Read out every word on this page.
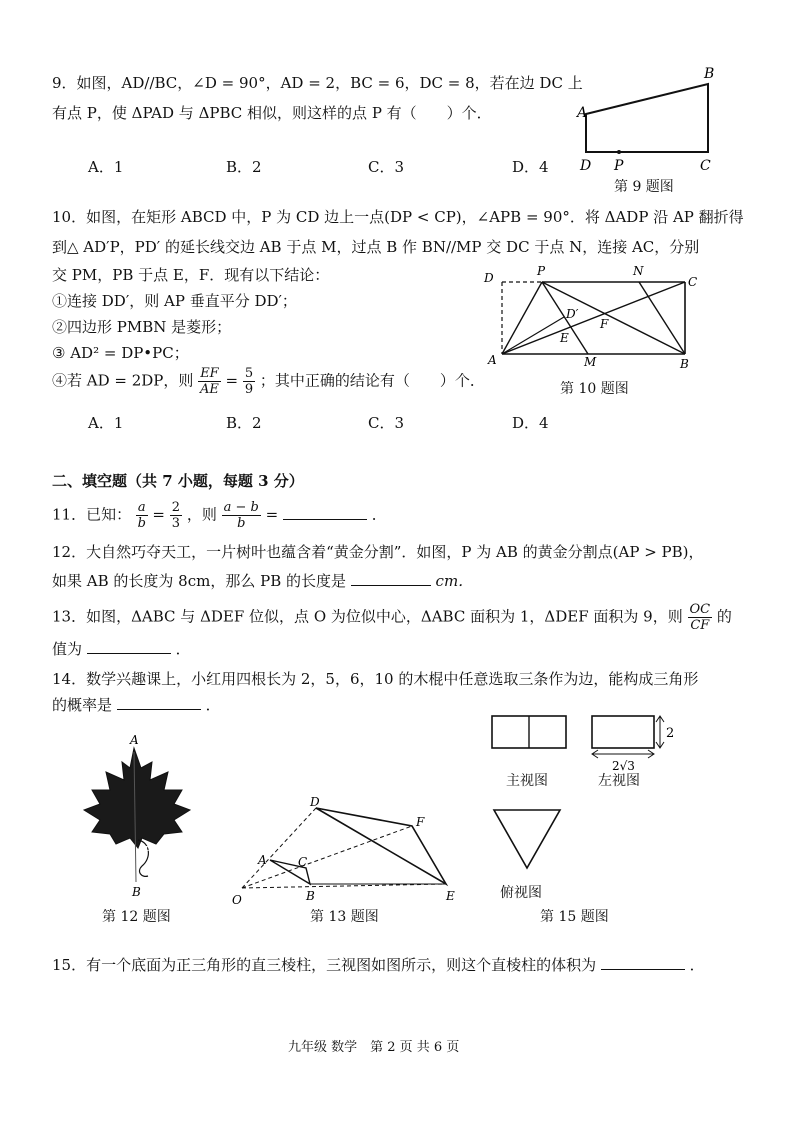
9．如图，AD//BC，∠D = 90°，AD = 2，BC = 6，DC = 8，若在边 DC 上
有点 P，使 ΔPAD 与 ΔPBC 相似，则这样的点 P 有（　　）个．
A．1	B．2	C．3	D．4
A
B
C
D P
第 9 题图
10．如图，在矩形 ABCD 中，P 为 CD 边上一点(DP < CP)，∠APB = 90°．将 ΔADP 沿 AP 翻折得
到△ AD′P，PD′ 的延长线交边 AB 于点 M，过点 B 作 BN//MP 交 DC 于点 N，连接 AC，分别
交 PM，PB 于点 E，F．现有以下结论：
①连接 DD′，则 AP 垂直平分 DD′；
②四边形 PMBN 是菱形；
③ AD² = DP•PC；
④若 AD = 2DP，则 $\frac{EF}{AE} = \frac{5}{9}$ ；其中正确的结论有（　　）个．
A．1	B．2	C．3	D．4
D	P	N
C
D′
F
E
A	M	B
第 10 题图
二、填空题（共 7 小题，每题 3 分）
11．已知： $\frac{a}{b} = \frac{2}{3}$ ，则 $\frac{a - b}{b}$ =	．
12．大自然巧夺天工，一片树叶也蕴含着“黄金分割”．如图，P 为 AB 的黄金分割点(AP > PB)，
如果 AB 的长度为 8cm，那么 PB 的长度是	cm．
13．如图，ΔABC 与 ΔDEF 位似，点 O 为位似中心，ΔABC 面积为 1，ΔDEF 面积为 9，则 $\frac{OC}{CF}$ 的
值为	．
14．数学兴趣课上，小红用四根长为 2，5，6，10 的木棍中任意选取三条作为边，能构成三角形
的概率是	．
A
P
B
第 12 题图
O
A	C
B
D
F
E
第 13 题图
2
2√3
主视图	左视图
俯视图
第 15 题图
15．有一个底面为正三角形的直三棱柱，三视图如图所示，则这个直棱柱的体积为	．
九年级 数学　第 2 页 共 6 页
